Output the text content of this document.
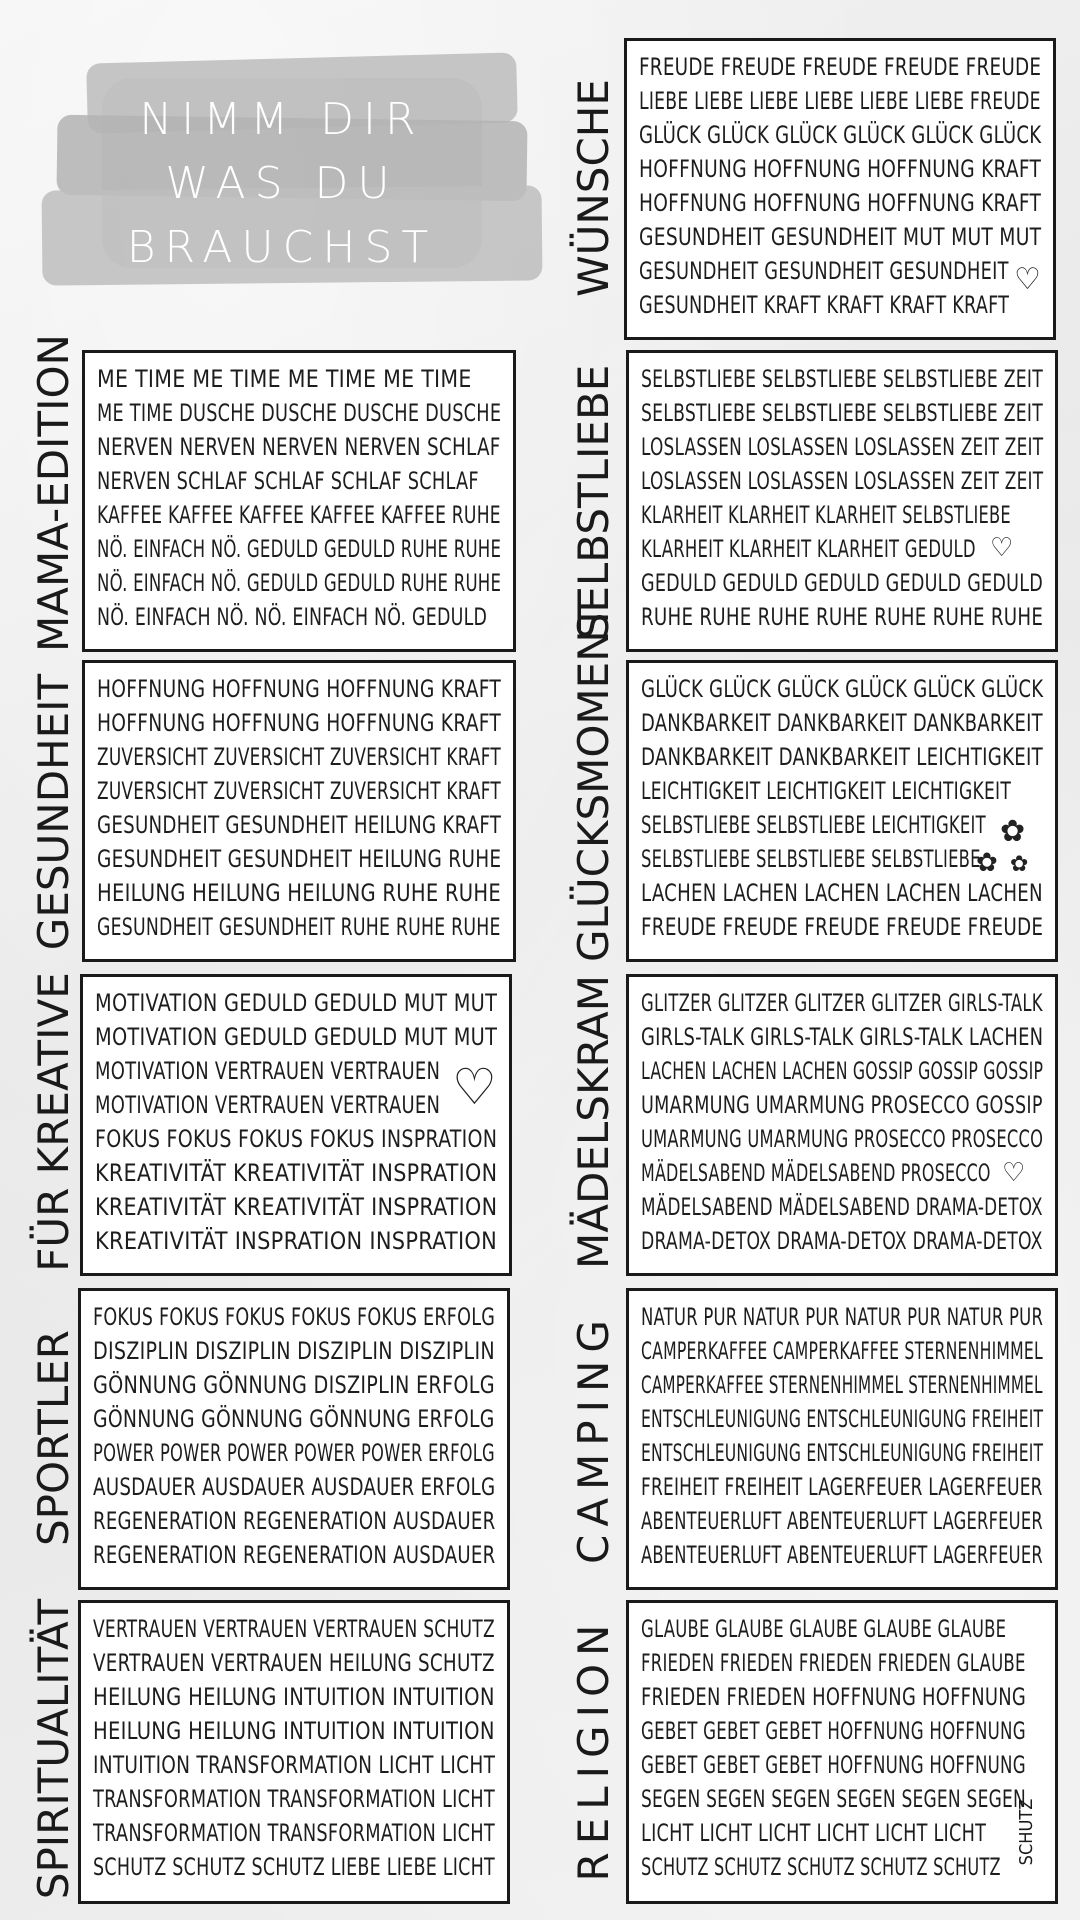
NIMM DIR
WAS DU
BRAUCHST	WÜNSCHE
FREUDE FREUDE FREUDE FREUDE FREUDE
LIEBE LIEBE LIEBE LIEBE LIEBE LIEBE FREUDE
GLÜCK GLÜCK GLÜCK GLÜCK GLÜCK GLÜCK
HOFFNUNG HOFFNUNG HOFFNUNG KRAFT
HOFFNUNG HOFFNUNG HOFFNUNG KRAFT
GESUNDHEIT GESUNDHEIT MUT MUT MUT
GESUNDHEIT GESUNDHEIT GESUNDHEIT
GESUNDHEIT KRAFT KRAFT KRAFT KRAFT
♡
MAMA-EDITION ME TIME ME TIME ME TIME ME TIME
ME TIME DUSCHE DUSCHE DUSCHE DUSCHE
NERVEN NERVEN NERVEN NERVEN SCHLAF
NERVEN SCHLAF SCHLAF SCHLAF SCHLAF
KAFFEE KAFFEE KAFFEE KAFFEE KAFFEE RUHE
NÖ. EINFACH NÖ. GEDULD GEDULD RUHE RUHE
NÖ. EINFACH NÖ. GEDULD GEDULD RUHE RUHE
NÖ. EINFACH NÖ. NÖ. EINFACH NÖ. GEDULD SELBSTLIEBE SELBSTLIEBE SELBSTLIEBE SELBSTLIEBE ZEIT
SELBSTLIEBE SELBSTLIEBE SELBSTLIEBE ZEIT
LOSLASSEN LOSLASSEN LOSLASSEN ZEIT ZEIT
LOSLASSEN LOSLASSEN LOSLASSEN ZEIT ZEIT
KLARHEIT KLARHEIT KLARHEIT SELBSTLIEBE
KLARHEIT KLARHEIT KLARHEIT GEDULD
GEDULD GEDULD GEDULD GEDULD GEDULD
RUHE RUHE RUHE RUHE RUHE RUHE RUHE
♡
GESUNDHEIT HOFFNUNG HOFFNUNG HOFFNUNG KRAFT
HOFFNUNG HOFFNUNG HOFFNUNG KRAFT
ZUVERSICHT ZUVERSICHT ZUVERSICHT KRAFT
ZUVERSICHT ZUVERSICHT ZUVERSICHT KRAFT
GESUNDHEIT GESUNDHEIT HEILUNG KRAFT
GESUNDHEIT GESUNDHEIT HEILUNG RUHE
HEILUNG HEILUNG HEILUNG RUHE RUHE
GESUNDHEIT GESUNDHEIT RUHE RUHE RUHE GLÜCKSMOMENT GLÜCK GLÜCK GLÜCK GLÜCK GLÜCK GLÜCK
DANKBARKEIT DANKBARKEIT DANKBARKEIT
DANKBARKEIT DANKBARKEIT LEICHTIGKEIT
LEICHTIGKEIT LEICHTIGKEIT LEICHTIGKEIT
SELBSTLIEBE SELBSTLIEBE LEICHTIGKEIT
SELBSTLIEBE SELBSTLIEBE SELBSTLIEBE
LACHEN LACHEN LACHEN LACHEN LACHEN
FREUDE FREUDE FREUDE FREUDE FREUDE
✿
✿ ✿
FÜR KREATIVE MOTIVATION GEDULD GEDULD MUT MUT
MOTIVATION GEDULD GEDULD MUT MUT
MOTIVATION VERTRAUEN VERTRAUEN
MOTIVATION VERTRAUEN VERTRAUEN
FOKUS FOKUS FOKUS FOKUS INSPRATION
KREATIVITÄT KREATIVITÄT INSPRATION
KREATIVITÄT KREATIVITÄT INSPRATION
KREATIVITÄT INSPRATION INSPRATION
♡ MÄDELSKRAM GLITZER GLITZER GLITZER GLITZER GIRLS-TALK
GIRLS-TALK GIRLS-TALK GIRLS-TALK LACHEN
LACHEN LACHEN LACHEN GOSSIP GOSSIP GOSSIP
UMARMUNG UMARMUNG PROSECCO GOSSIP
UMARMUNG UMARMUNG PROSECCO PROSECCO
MÄDELSABEND MÄDELSABEND PROSECCO
MÄDELSABEND MÄDELSABEND DRAMA-DETOX
DRAMA-DETOX DRAMA-DETOX DRAMA-DETOX
♡
SPORTLER
FOKUS FOKUS FOKUS FOKUS FOKUS ERFOLG
DISZIPLIN DISZIPLIN DISZIPLIN DISZIPLIN
GÖNNUNG GÖNNUNG DISZIPLIN ERFOLG
GÖNNUNG GÖNNUNG GÖNNUNG ERFOLG
POWER POWER POWER POWER POWER ERFOLG
AUSDAUER AUSDAUER AUSDAUER ERFOLG
REGENERATION REGENERATION AUSDAUER
REGENERATION REGENERATION AUSDAUER CAMPING NATUR PUR NATUR PUR NATUR PUR NATUR PUR
CAMPERKAFFEE CAMPERKAFFEE STERNENHIMMEL
CAMPERKAFFEE STERNENHIMMEL STERNENHIMMEL
ENTSCHLEUNIGUNG ENTSCHLEUNIGUNG FREIHEIT
ENTSCHLEUNIGUNG ENTSCHLEUNIGUNG FREIHEIT
FREIHEIT FREIHEIT LAGERFEUER LAGERFEUER
ABENTEUERLUFT ABENTEUERLUFT LAGERFEUER
ABENTEUERLUFT ABENTEUERLUFT LAGERFEUER
SPIRITUALITÄT VERTRAUEN VERTRAUEN VERTRAUEN SCHUTZ
VERTRAUEN VERTRAUEN HEILUNG SCHUTZ
HEILUNG HEILUNG INTUITION INTUITION
HEILUNG HEILUNG INTUITION INTUITION
INTUITION TRANSFORMATION LICHT LICHT
TRANSFORMATION TRANSFORMATION LICHT
TRANSFORMATION TRANSFORMATION LICHT
SCHUTZ SCHUTZ SCHUTZ LIEBE LIEBE LICHT RELIGION GLAUBE GLAUBE GLAUBE GLAUBE GLAUBE
FRIEDEN FRIEDEN FRIEDEN FRIEDEN GLAUBE
FRIEDEN FRIEDEN HOFFNUNG HOFFNUNG
GEBET GEBET GEBET HOFFNUNG HOFFNUNG
GEBET GEBET GEBET HOFFNUNG HOFFNUNG
SEGEN SEGEN SEGEN SEGEN SEGEN SEGEN
LICHT LICHT LICHT LICHT LICHT LICHT
SCHUTZ SCHUTZ SCHUTZ SCHUTZ SCHUTZ
SCHUTZ
